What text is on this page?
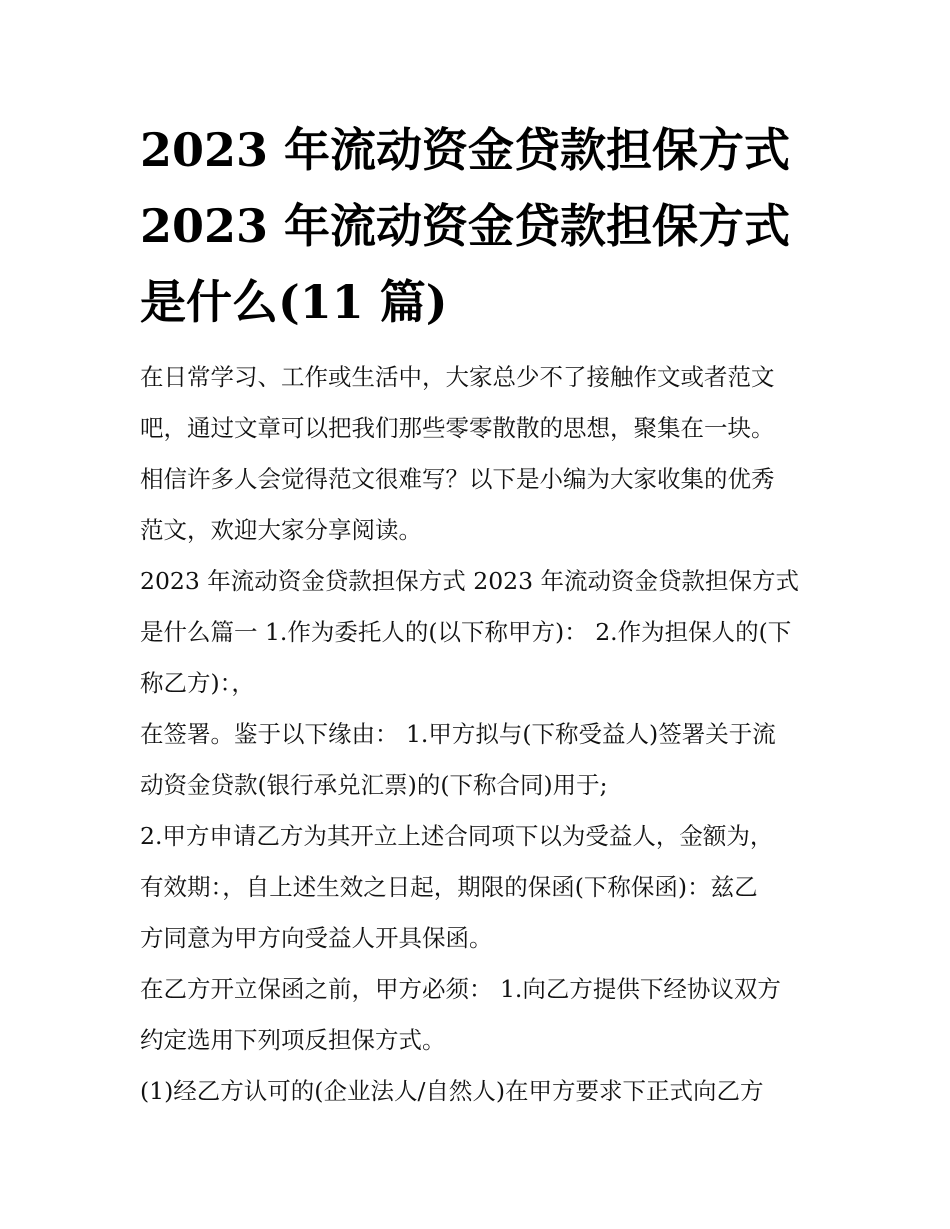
2023 年流动资金贷款担保方式
2023 年流动资金贷款担保方式
是什么(11 篇)
在日常学习、工作或生活中，大家总少不了接触作文或者范文
吧，通过文章可以把我们那些零零散散的思想，聚集在一块。
相信许多人会觉得范文很难写？以下是小编为大家收集的优秀
范文，欢迎大家分享阅读。
2023 年流动资金贷款担保方式 2023 年流动资金贷款担保方式
是什么篇一 1.作为委托人的(以下称甲方)： 2.作为担保人的(下
称乙方)：，
在签署。鉴于以下缘由： 1.甲方拟与(下称受益人)签署关于流
动资金贷款(银行承兑汇票)的(下称合同)用于;
2.甲方申请乙方为其开立上述合同项下以为受益人，金额为，
有效期：，自上述生效之日起，期限的保函(下称保函)：兹乙
方同意为甲方向受益人开具保函。
在乙方开立保函之前，甲方必须： 1.向乙方提供下经协议双方
约定选用下列项反担保方式。
(1)经乙方认可的(企业法人/自然人)在甲方要求下正式向乙方
